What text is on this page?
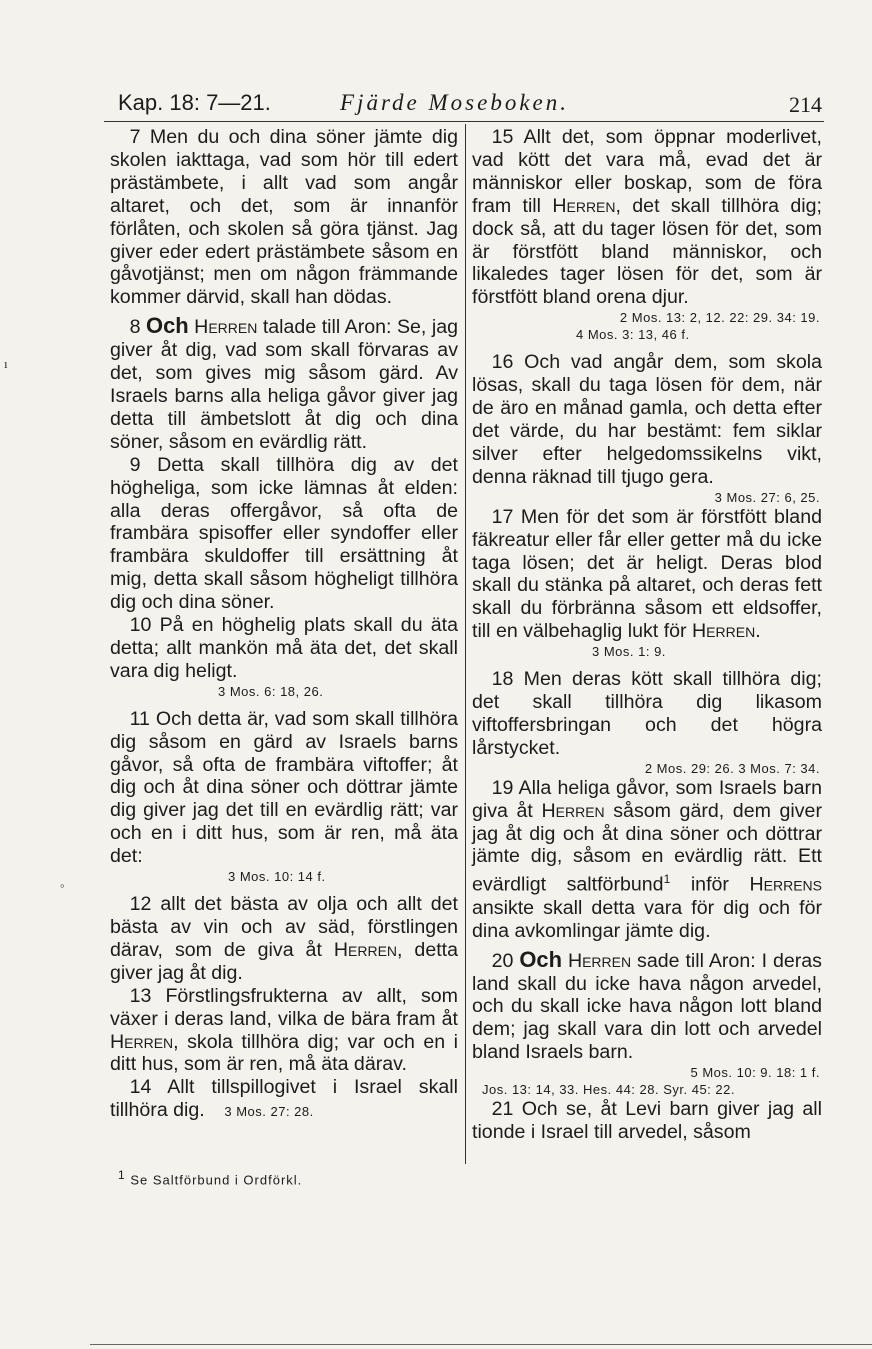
Kap. 18: 7—21.	Fjärde Moseboken.	214

 7 Men du och dina söner jämte dig skolen iakttaga, vad som hör till edert prästämbete, i allt vad som angår altaret, och det, som är innanför förlåten, och skolen så göra tjänst. Jag giver eder edert prästämbete såsom en gåvotjänst; men om någon främmande kommer därvid, skall han dödas.

 8 Och Herren talade till Aron: Se, jag giver åt dig, vad som skall förvaras av det, som gives mig såsom gärd. Av Israels barns alla heliga gåvor giver jag detta till ämbetslott åt dig och dina söner, såsom en evärdlig rätt.

 9 Detta skall tillhöra dig av det högheliga, som icke lämnas åt elden: alla deras offergåvor, så ofta de frambära spisoffer eller syndoffer eller frambära skuldoffer till ersättning åt mig, detta skall såsom högheligt tillhöra dig och dina söner.

 10 På en höghelig plats skall du äta detta; allt mankön må äta det, det skall vara dig heligt.

3 Mos. 6: 18, 26.

 11 Och detta är, vad som skall tillhöra dig såsom en gärd av Israels barns gåvor, så ofta de frambära viftoffer; åt dig och åt dina söner och döttrar jämte dig giver jag det till en evärdlig rätt; var och en i ditt hus, som är ren, må äta det:

3 Mos. 10: 14 f.

 12 allt det bästa av olja och allt det bästa av vin och av säd, förstlingen därav, som de giva åt Herren, detta giver jag åt dig.

 13 Förstlingsfrukterna av allt, som växer i deras land, vilka de bära fram åt Herren, skola tillhöra dig; var och en i ditt hus, som är ren, må äta därav.

 14 Allt tillspillogivet i Israel skall tillhöra dig.  3 Mos. 27: 28.

 15 Allt det, som öppnar moderlivet, vad kött det vara må, evad det är människor eller boskap, som de föra fram till Herren, det skall tillhöra dig; dock så, att du tager lösen för det, som är förstfött bland människor, och likaledes tager lösen för det, som är förstfött bland orena djur.

2 Mos. 13: 2, 12. 22: 29. 34: 19.

4 Mos. 3: 13, 46 f.

 16 Och vad angår dem, som skola lösas, skall du taga lösen för dem, när de äro en månad gamla, och detta efter det värde, du har bestämt: fem siklar silver efter helgedomssikelns vikt, denna räknad till tjugo gera.

3 Mos. 27: 6, 25.

 17 Men för det som är förstfött bland fäkreatur eller får eller getter må du icke taga lösen; det är heligt. Deras blod skall du stänka på altaret, och deras fett skall du förbränna såsom ett eldsoffer, till en välbehaglig lukt för Herren.

3 Mos. 1: 9.

 18 Men deras kött skall tillhöra dig; det skall tillhöra dig likasom viftoffersbringan och det högra lårstycket.

2 Mos. 29: 26. 3 Mos. 7: 34.

 19 Alla heliga gåvor, som Israels barn giva åt Herren såsom gärd, dem giver jag åt dig och åt dina söner och döttrar jämte dig, såsom en evärdlig rätt. Ett evärdligt saltförbund$^1$ inför Herrens ansikte skall detta vara för dig och för dina avkomlingar jämte dig.

 20 Och Herren sade till Aron: I deras land skall du icke hava någon arvedel, och du skall icke hava någon lott bland dem; jag skall vara din lott och arvedel bland Israels barn.

5 Mos. 10: 9. 18: 1 f.

Jos. 13: 14, 33. Hes. 44: 28. Syr. 45: 22.

 21 Och se, åt Levi barn giver jag all tionde i Israel till arvedel, såsom

$^1$ Se Saltförbund i Ordförkl.
ı
◦
